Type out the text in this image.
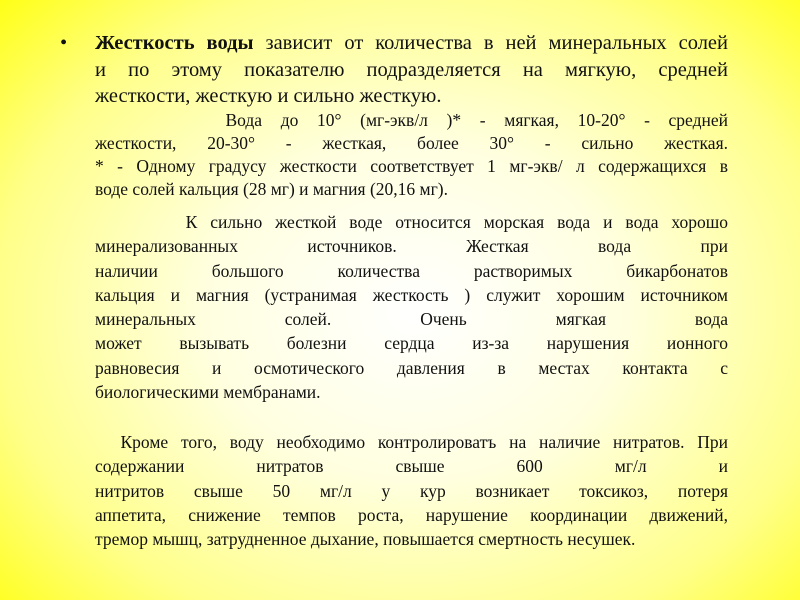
• Жесткость воды зависит от количества в ней минеральных солей
и по этому показателю подразделяется на мягкую, средней
жесткости, жесткую и сильно жесткую.
Вода до 10° (мг-экв/л )* - мягкая, 10-20° - средней
жесткости, 20-30° - жесткая, более 30° - сильно жесткая.
* - Одному градусу жесткости соответствует 1 мг-экв/ л содержащихся в
воде солей кальция (28 мг) и магния (20,16 мг).
К сильно жесткой воде относится морская вода и вода хорошо
минерализованных источников. Жесткая вода при
наличии большого количества растворимых бикарбонатов
кальция и магния (устранимая жесткость ) служит хорошим источником
минеральных солей. Очень мягкая вода
может вызывать болезни сердца из-за нарушения ионного
равновесия и осмотического давления в местах контакта с
биологическими мембранами.
Кроме того, воду необходимо контролироватъ на наличие нитратов. При
содержании нитратов свыше 600 мг/л и
нитритов свыше 50 мг/л у кур возникает токсикоз, потеря
аппетита, снижение темпов роста, нарушение координации движений,
тремор мышц, затрудненное дыхание, повышается смертность несушек.
